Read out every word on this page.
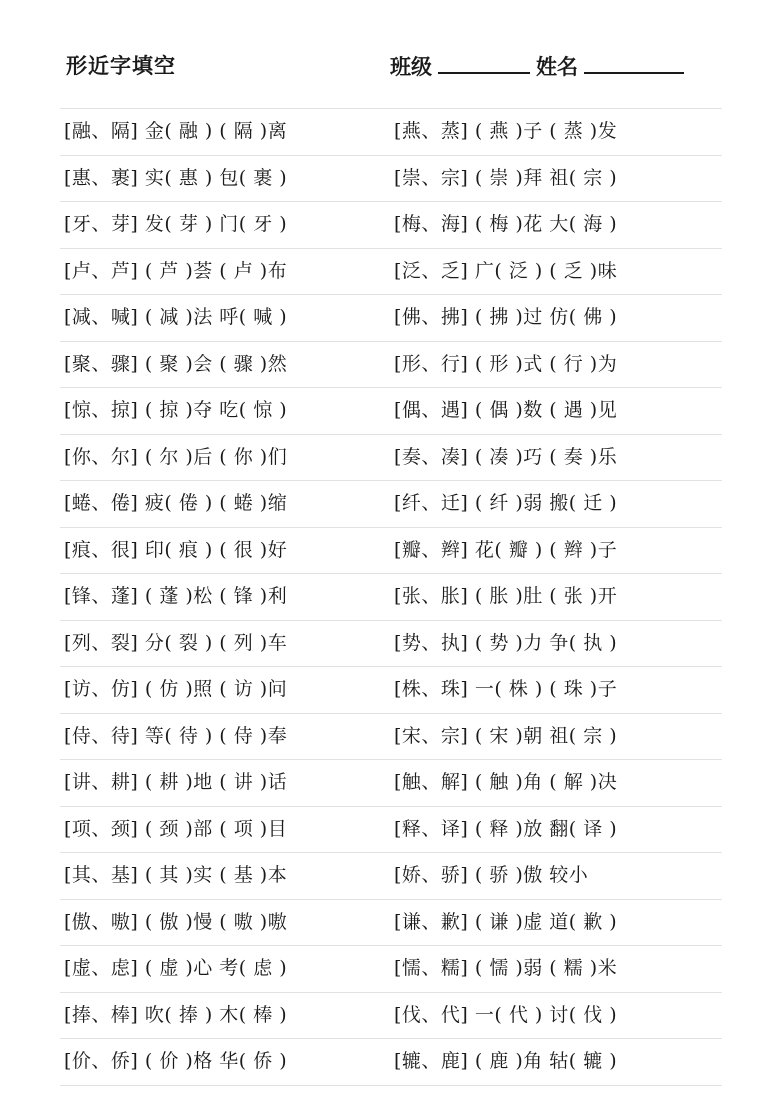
形近字填空	班级	姓名
[融、隔] 金( 融 ) ( 隔 )离	[燕、蒸] ( 燕 )子 ( 蒸 )发
[惠、裹] 实( 惠 ) 包( 裹 )	[崇、宗] ( 崇 )拜 祖( 宗 )
[牙、芽] 发( 芽 ) 门( 牙 )	[梅、海] ( 梅 )花 大( 海 )
[卢、芦] ( 芦 )荟 ( 卢 )布	[泛、乏] 广( 泛 ) ( 乏 )味
[减、喊] ( 减 )法 呼( 喊 )	[佛、拂] ( 拂 )过 仿( 佛 )
[聚、骤] ( 聚 )会 ( 骤 )然	[形、行] ( 形 )式 ( 行 )为
[惊、掠] ( 掠 )夺 吃( 惊 )	[偶、遇] ( 偶 )数 ( 遇 )见
[你、尔] ( 尔 )后 ( 你 )们	[奏、凑] ( 凑 )巧 ( 奏 )乐
[蜷、倦] 疲( 倦 ) ( 蜷 )缩	[纤、迁] ( 纤 )弱 搬( 迁 )
[痕、很] 印( 痕 ) ( 很 )好	[瓣、辫] 花( 瓣 ) ( 辫 )子
[锋、蓬] ( 蓬 )松 ( 锋 )利	[张、胀] ( 胀 )肚 ( 张 )开
[列、裂] 分( 裂 ) ( 列 )车	[势、执] ( 势 )力 争( 执 )
[访、仿] ( 仿 )照 ( 访 )问	[株、珠] 一( 株 ) ( 珠 )子
[侍、待] 等( 待 ) ( 侍 )奉	[宋、宗] ( 宋 )朝 祖( 宗 )
[讲、耕] ( 耕 )地 ( 讲 )话	[触、解] ( 触 )角 ( 解 )决
[项、颈] ( 颈 )部 ( 项 )目	[释、译] ( 释 )放 翻( 译 )
[其、基] ( 其 )实 ( 基 )本	[娇、骄] ( 骄 )傲 较小
[傲、嗷] ( 傲 )慢 ( 嗷 )嗷	[谦、歉] ( 谦 )虚 道( 歉 )
[虚、虑] ( 虚 )心 考( 虑 )	[懦、糯] ( 懦 )弱 ( 糯 )米
[捧、棒] 吹( 捧 ) 木( 棒 )	[伐、代] 一( 代 ) 讨( 伐 )
[价、侨] ( 价 )格 华( 侨 )	[辘、鹿] ( 鹿 )角 轱( 辘 )
